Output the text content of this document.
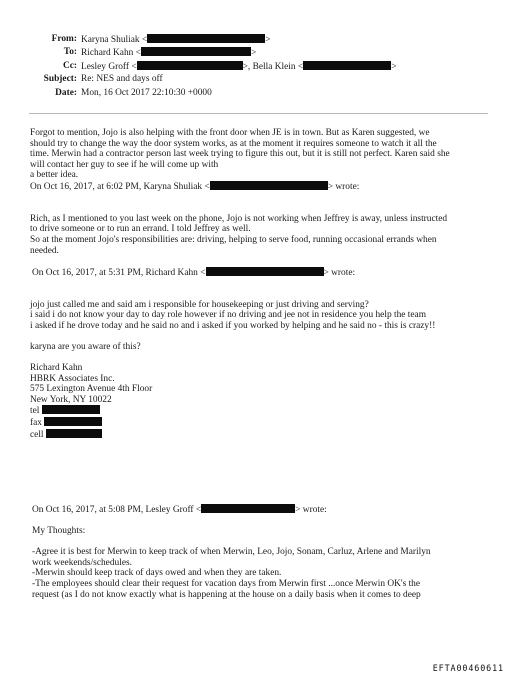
From: Karyna Shuliak <	>
To: Richard Kahn <	>
Cc: Lesley Groff <	>, Bella Klein <	>
Subject: Re: NES and days off
Date: Mon, 16 Oct 2017 22:10:30 +0000

Forgot to mention, Jojo is also helping with the front door when JE is in town. But as Karen suggested, we
should try to change the way the door system works, as at the moment it requires someone to watch it all the
time. Merwin had a contractor person last week trying to figure this out, but it is still not perfect. Karen said she
will contact her guy to see if he will come up with
a better idea.

On Oct 16, 2017, at 6:02 PM, Karyna Shuliak <	> wrote:

Rich, as I mentioned to you last week on the phone, Jojo is not working when Jeffrey is away, unless instructed
to drive someone or to run an errand. I told Jeffrey as well.
So at the moment Jojo's responsibilities are: driving, helping to serve food, running occasional errands when
needed.

On Oct 16, 2017, at 5:31 PM, Richard Kahn <	> wrote:

jojo just called me and said am i responsible for housekeeping or just driving and serving?
i said i do not know your day to day role however if no driving and jee not in residence you help the team
i asked if he drove today and he said no and i asked if you worked by helping and he said no - this is crazy!!

karyna are you aware of this?

Richard Kahn
HBRK Associates Inc.
575 Lexington Avenue 4th Floor
New York, NY 10022
tel
fax
cell

On Oct 16, 2017, at 5:08 PM, Lesley Groff <	> wrote:

My Thoughts:

-Agree it is best for Merwin to keep track of when Merwin, Leo, Jojo, Sonam, Carluz, Arlene and Marilyn
work weekends/schedules.
-Merwin should keep track of days owed and when they are taken.
-The employees should clear their request for vacation days from Merwin first ...once Merwin OK's the
request (as I do not know exactly what is happening at the house on a daily basis when it comes to deep

EFTA00460611
